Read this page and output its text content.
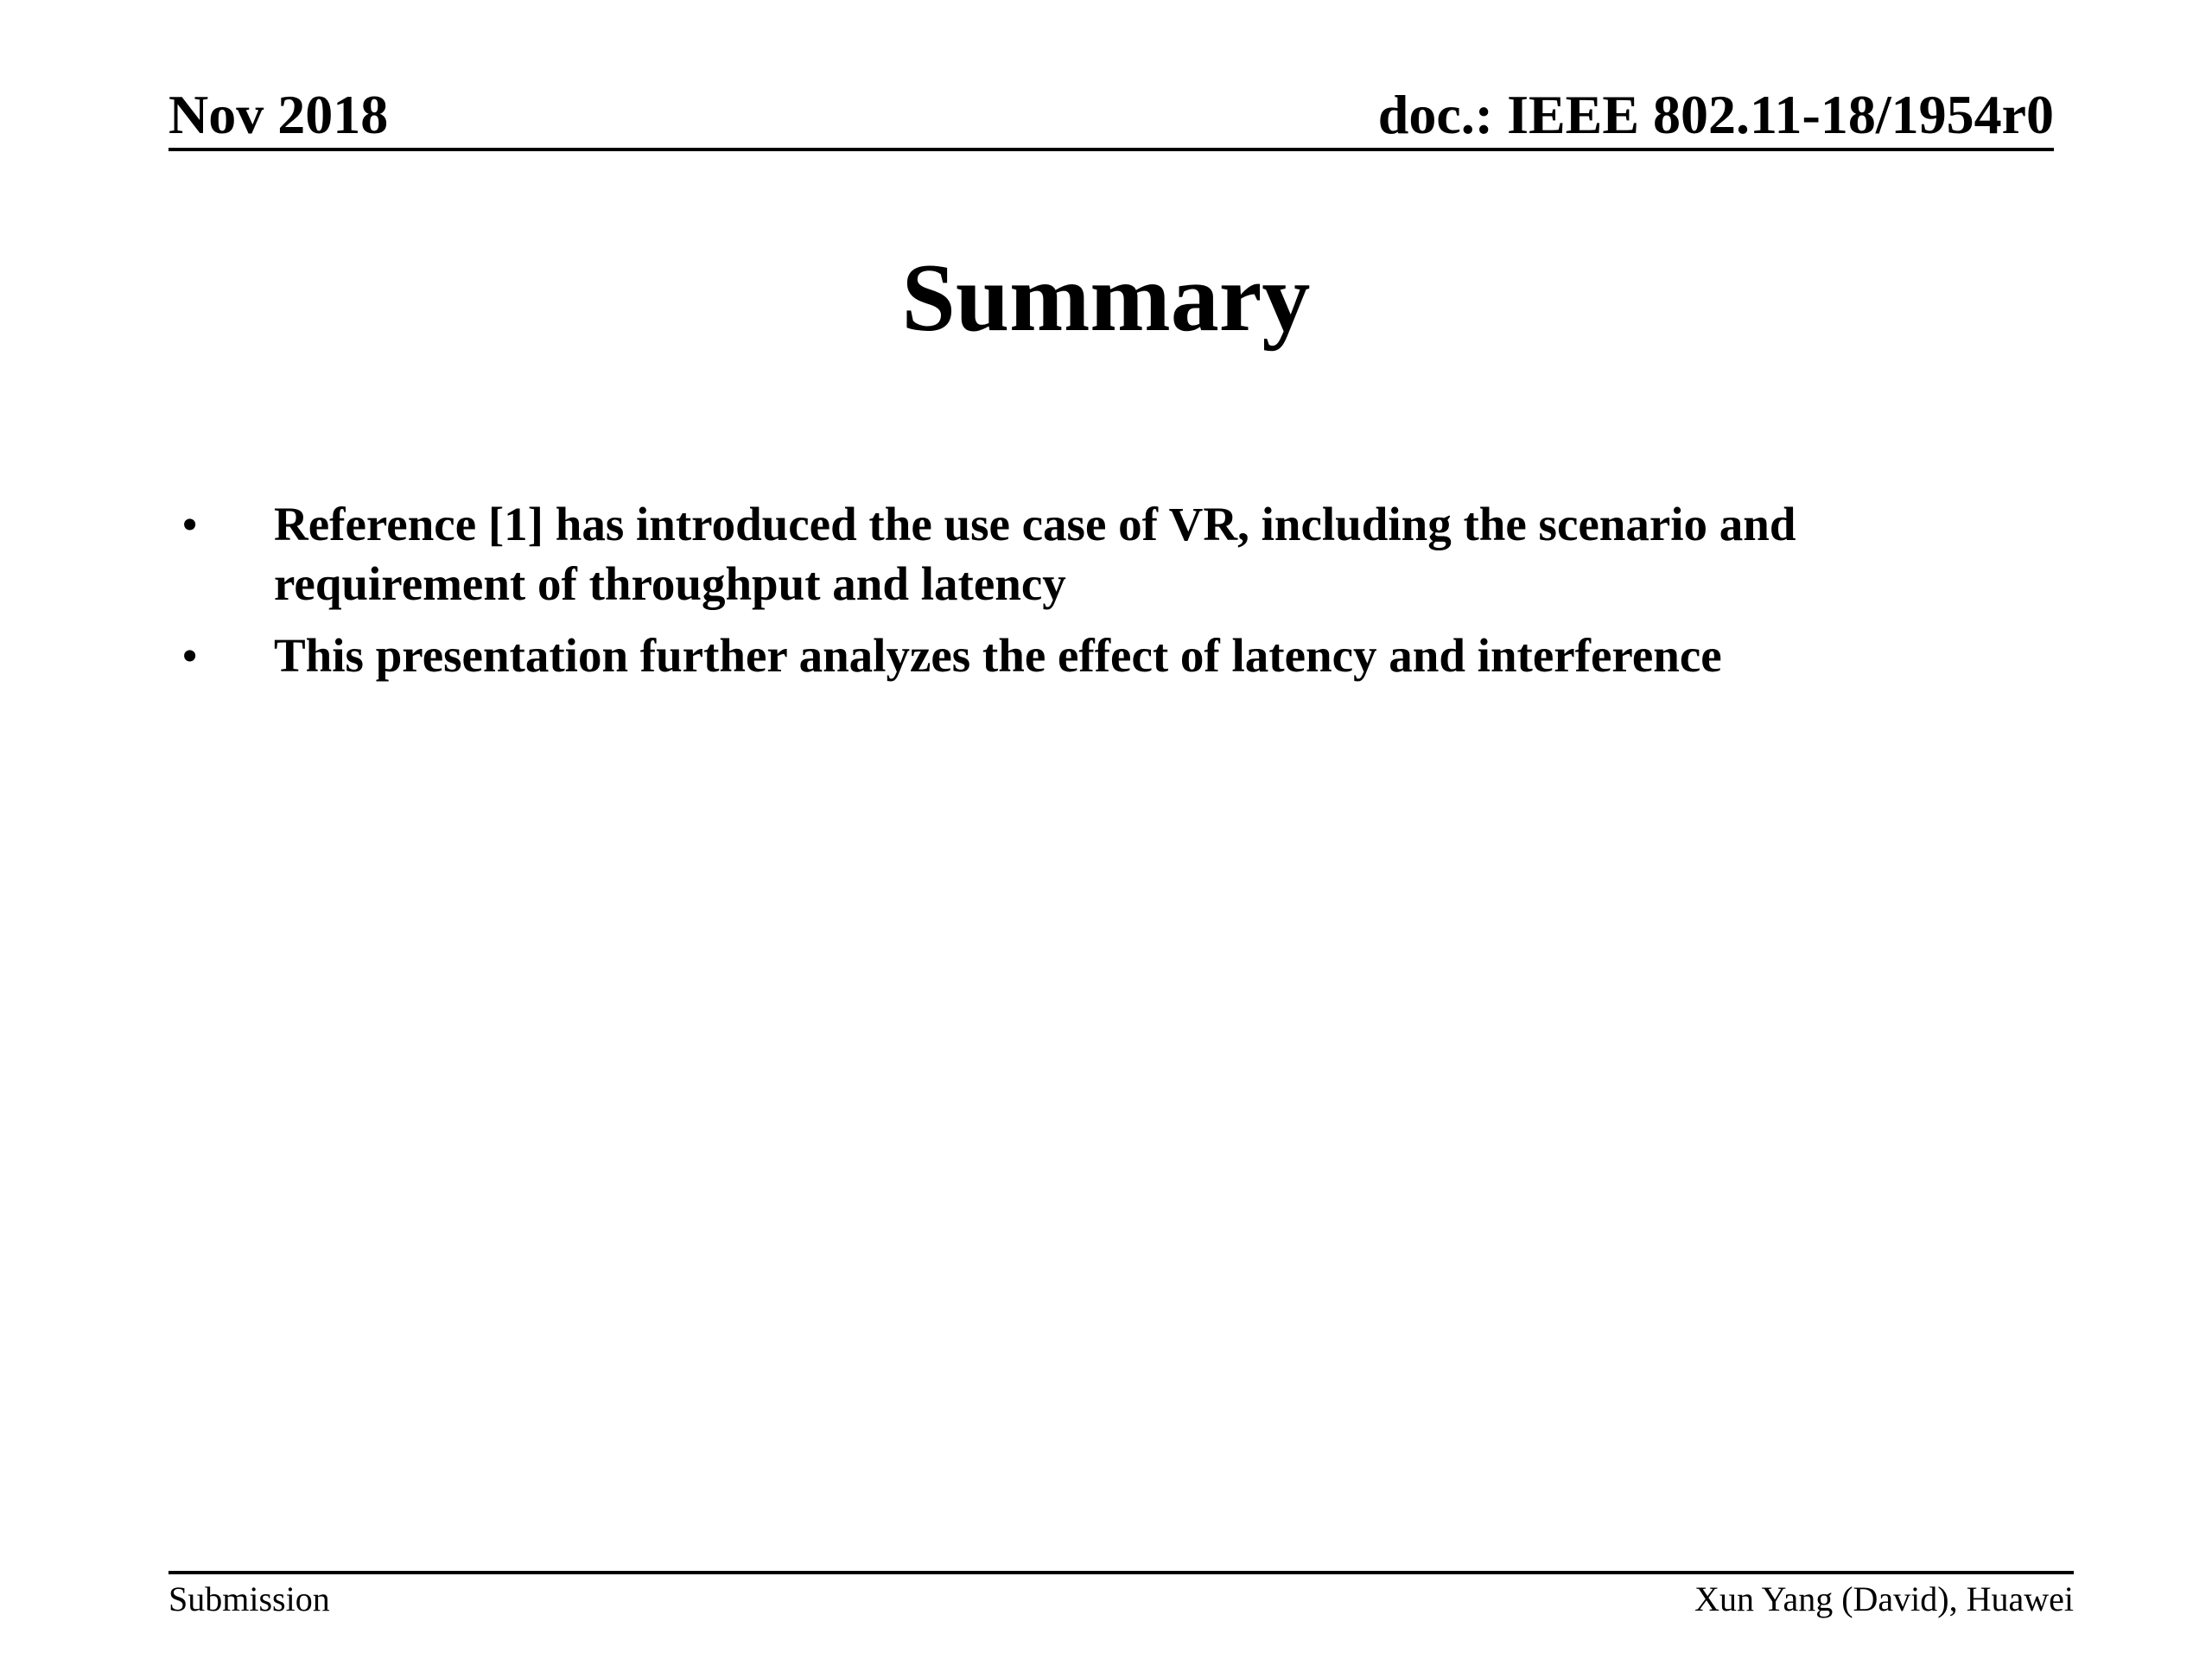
Nov 2018	doc.: IEEE 802.11-18/1954r0
Summary
•	Reference [1] has introduced the use case of VR, including the scenario and requirement of throughput and latency
•	This presentation further analyzes the effect of latency and interference
Submission	Xun Yang (David), Huawei
